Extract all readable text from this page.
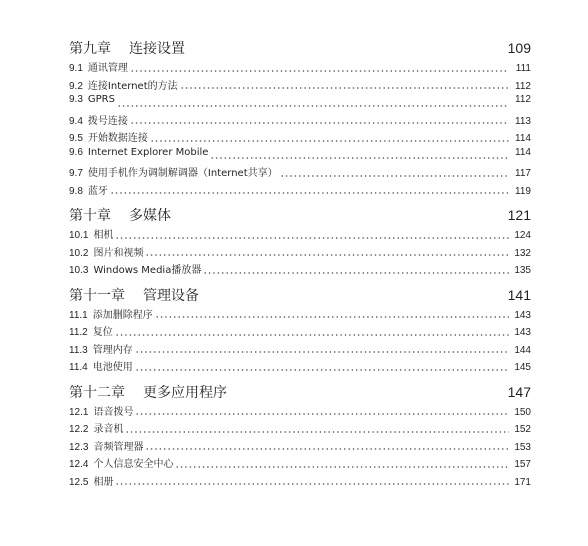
第九章 连接设置	109
9.1 通讯管理	111
9.2 连接Internet的方法	112
9.3 GPRS	112
9.4 拨号连接	113
9.5 开始数据连接	114
9.6 Internet Explorer Mobile	114
9.7 使用手机作为调制解调器（Internet共享）	117
9.8 蓝牙	119
第十章 多媒体	121
10.1 相机	124
10.2 图片和视频	132
10.3 Windows Media播放器	135
第十一章 管理设备	141
11.1 添加删除程序	143
11.2 复位	143
11.3 管理内存	144
11.4 电池使用	145
第十二章 更多应用程序	147
12.1 语音拨号	150
12.2 录音机	152
12.3 音频管理器	153
12.4 个人信息安全中心	157
12.5 相册	171
